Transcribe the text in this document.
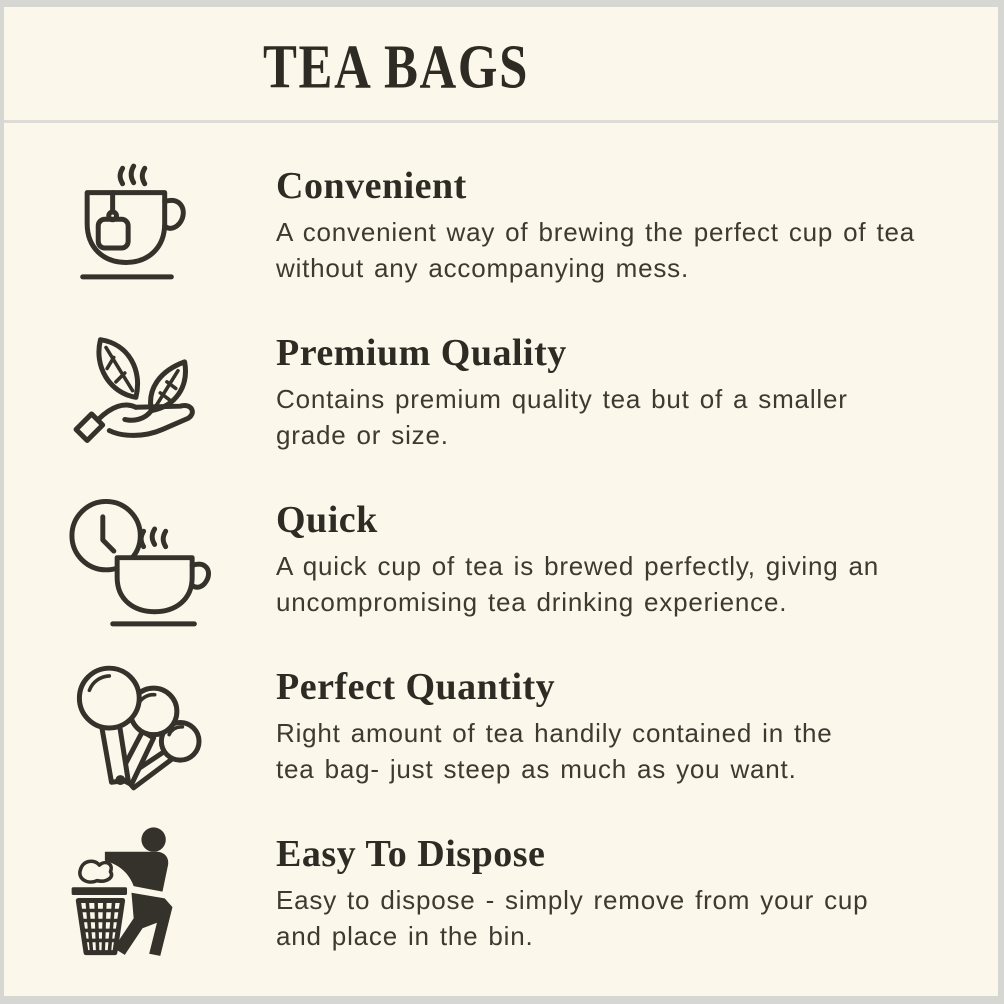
TEA BAGS
Convenient

A convenient way of brewing the perfect cup of tea
without any accompanying mess.

Premium Quality

Contains premium quality tea but of a smaller
grade or size.

Quick

A quick cup of tea is brewed perfectly, giving an
uncompromising tea drinking experience.

Perfect Quantity

Right amount of tea handily contained in the
tea bag- just steep as much as you want.

Easy To Dispose

Easy to dispose - simply remove from your cup
and place in the bin.
